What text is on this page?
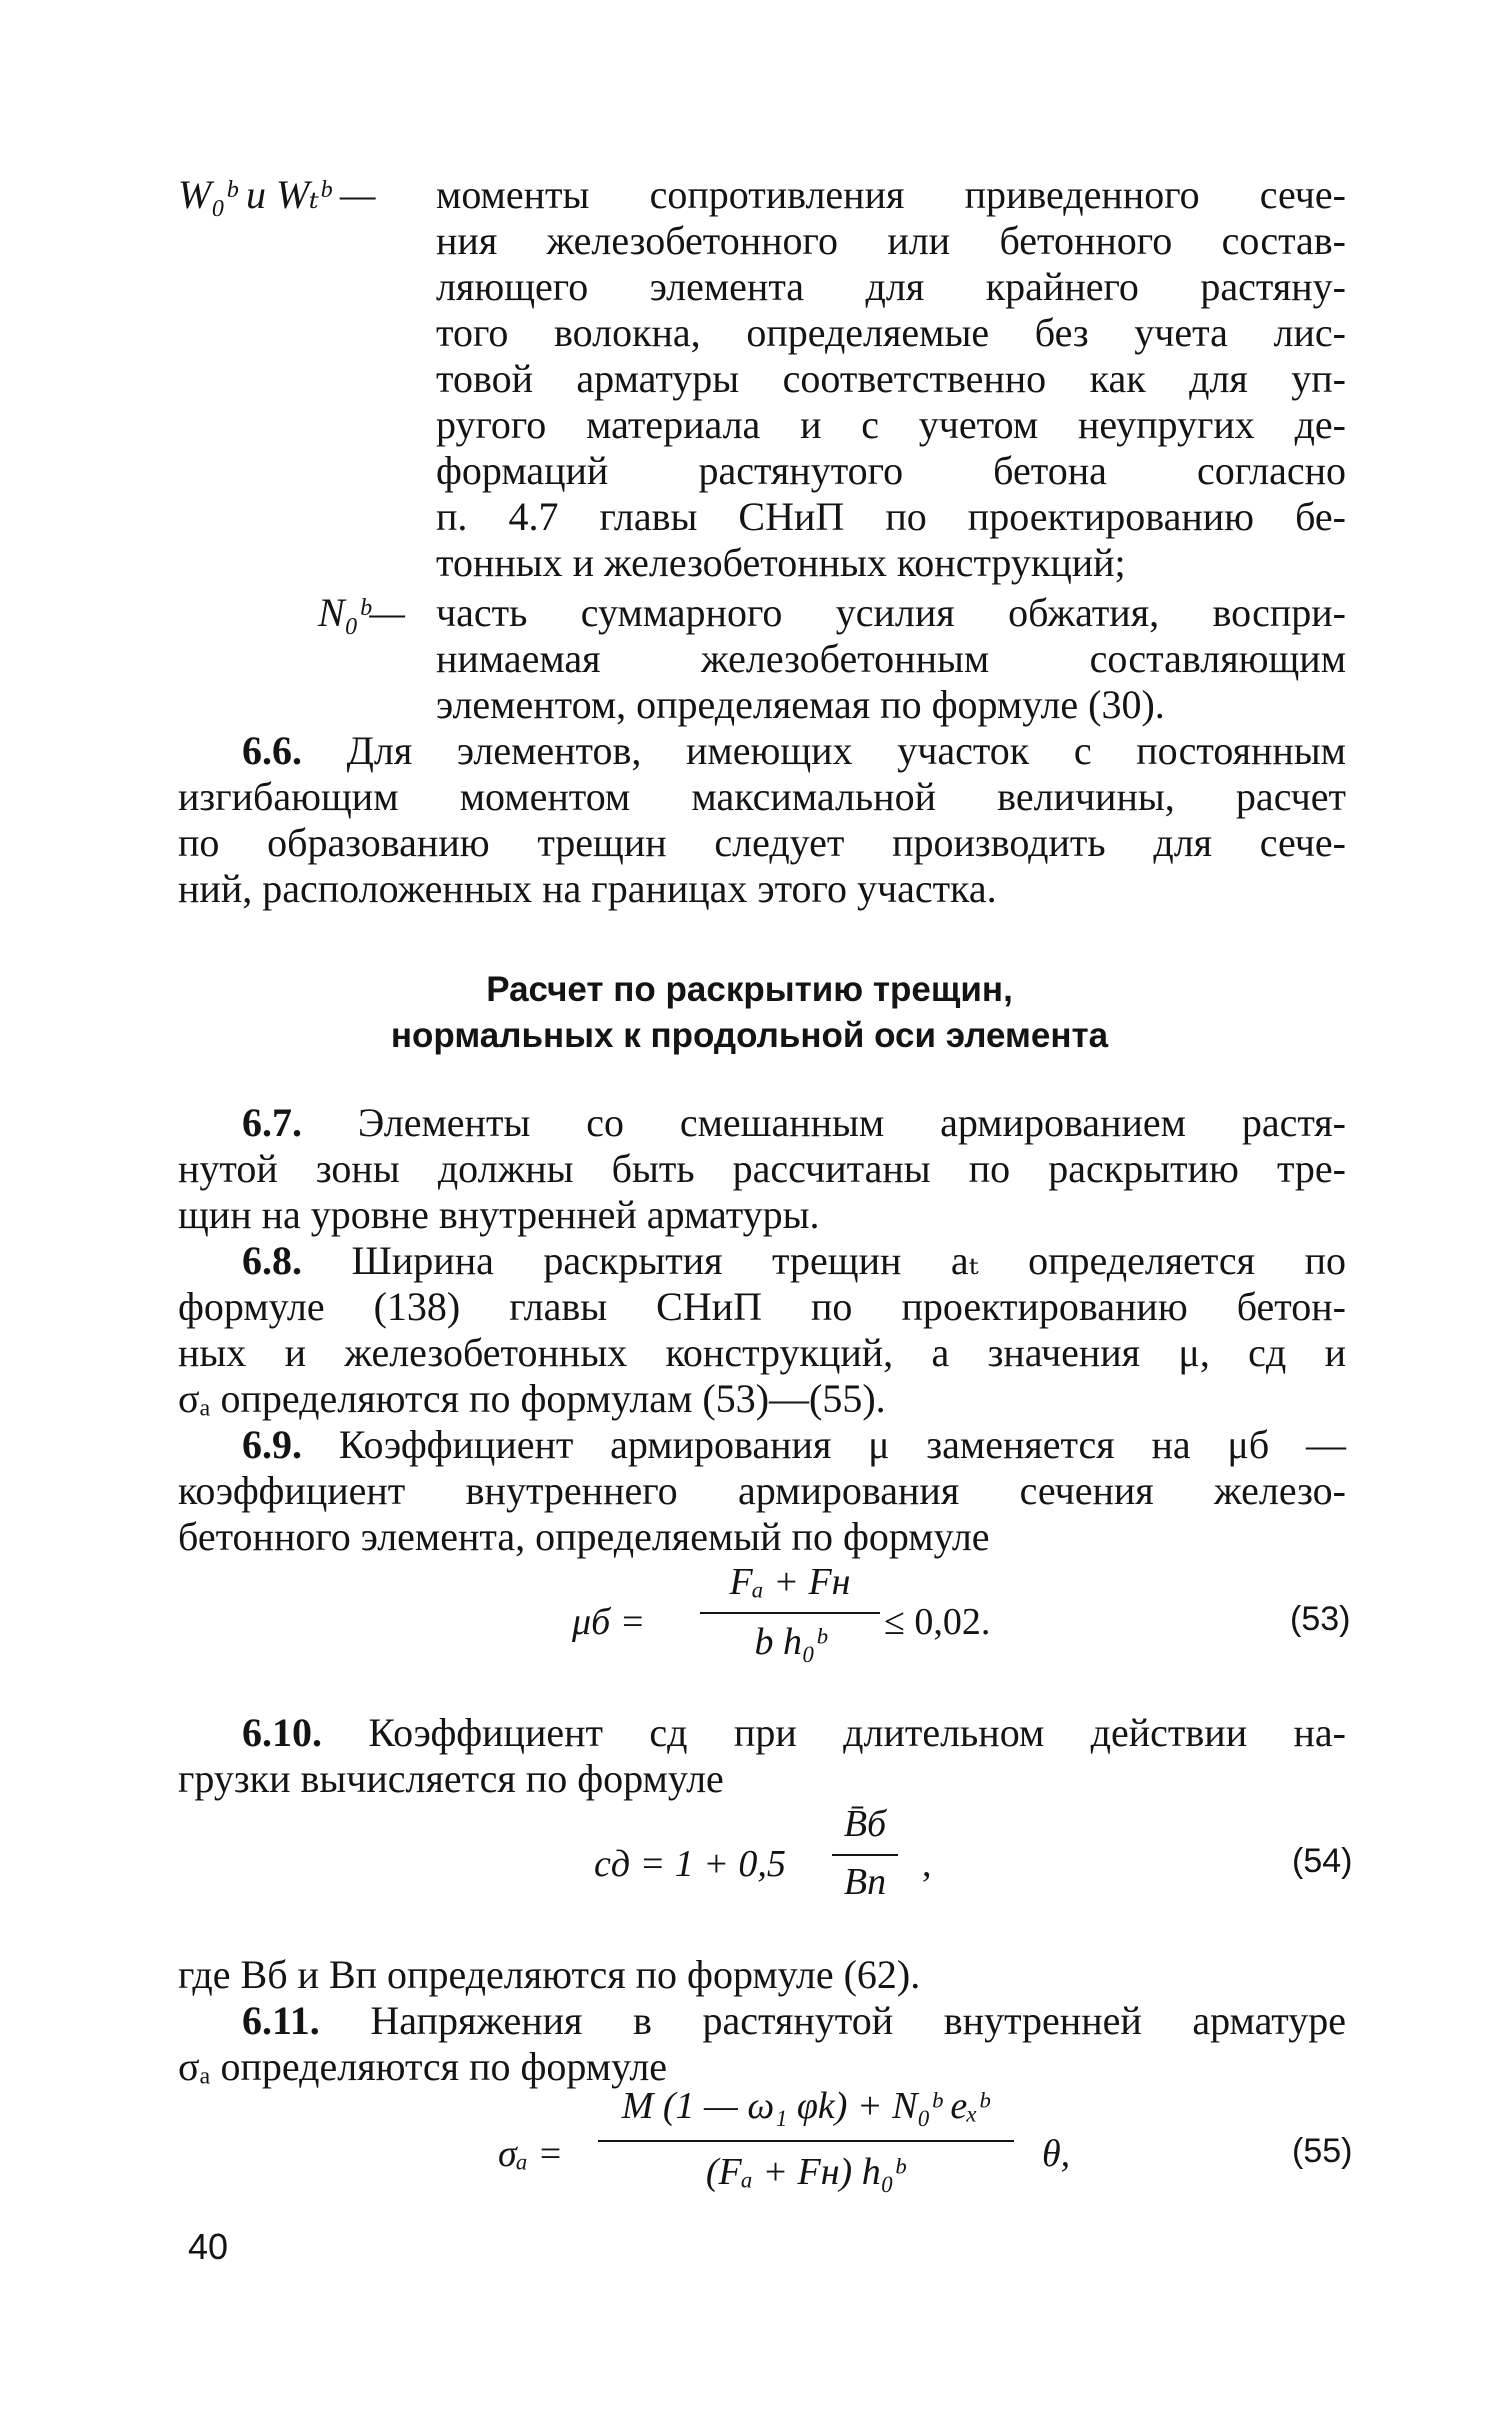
W₀ᵇ и Wₜᵇ — моменты сопротивления приведенного сече-
ния железобетонного или бетонного состав-
ляющего элемента для крайнего растяну-
того волокна, определяемые без учета лис-
товой арматуры соответственно как для уп-
ругого материала и с учетом неупругих де-
формаций растянутого бетона согласно
п. 4.7 главы СНиП по проектированию бе-
тонных и железобетонных конструкций;
N₀ᵇ— часть суммарного усилия обжатия, воспри-
нимаемая железобетонным составляющим
элементом, определяемая по формуле (30).
6.6. Для элементов, имеющих участок с постоянным
изгибающим моментом максимальной величины, расчет
по образованию трещин следует производить для сече-
ний, расположенных на границах этого участка.
Расчет по раскрытию трещин,
нормальных к продольной оси элемента
6.7. Элементы со смешанным армированием растя-
нутой зоны должны быть рассчитаны по раскрытию тре-
щин на уровне внутренней арматуры.
6.8. Ширина раскрытия трещин aₜ определяется по
формуле (138) главы СНиП по проектированию бетон-
ных и железобетонных конструкций, а значения μ, cд и
σₐ определяются по формулам (53)—(55).
6.9. Коэффициент армирования μ заменяется на μб —
коэффициент внутреннего армирования сечения железо-
бетонного элемента, определяемый по формуле
μб =
Fₐ + Fн
b h₀ᵇ	≤ 0,02.	(53)
6.10. Коэффициент cд при длительном действии на-
грузки вычисляется по формуле
cд = 1 + 0,5
B̄б
Bп ,	(54)
где Bб и Bп определяются по формуле (62).
6.11. Напряжения в растянутой внутренней арматуре
σₐ определяются по формуле
σₐ =
M (1 — ω₁ φk) + N₀ᵇ eₓᵇ
(Fₐ + Fн) h₀ᵇ	θ,	(55)
40
